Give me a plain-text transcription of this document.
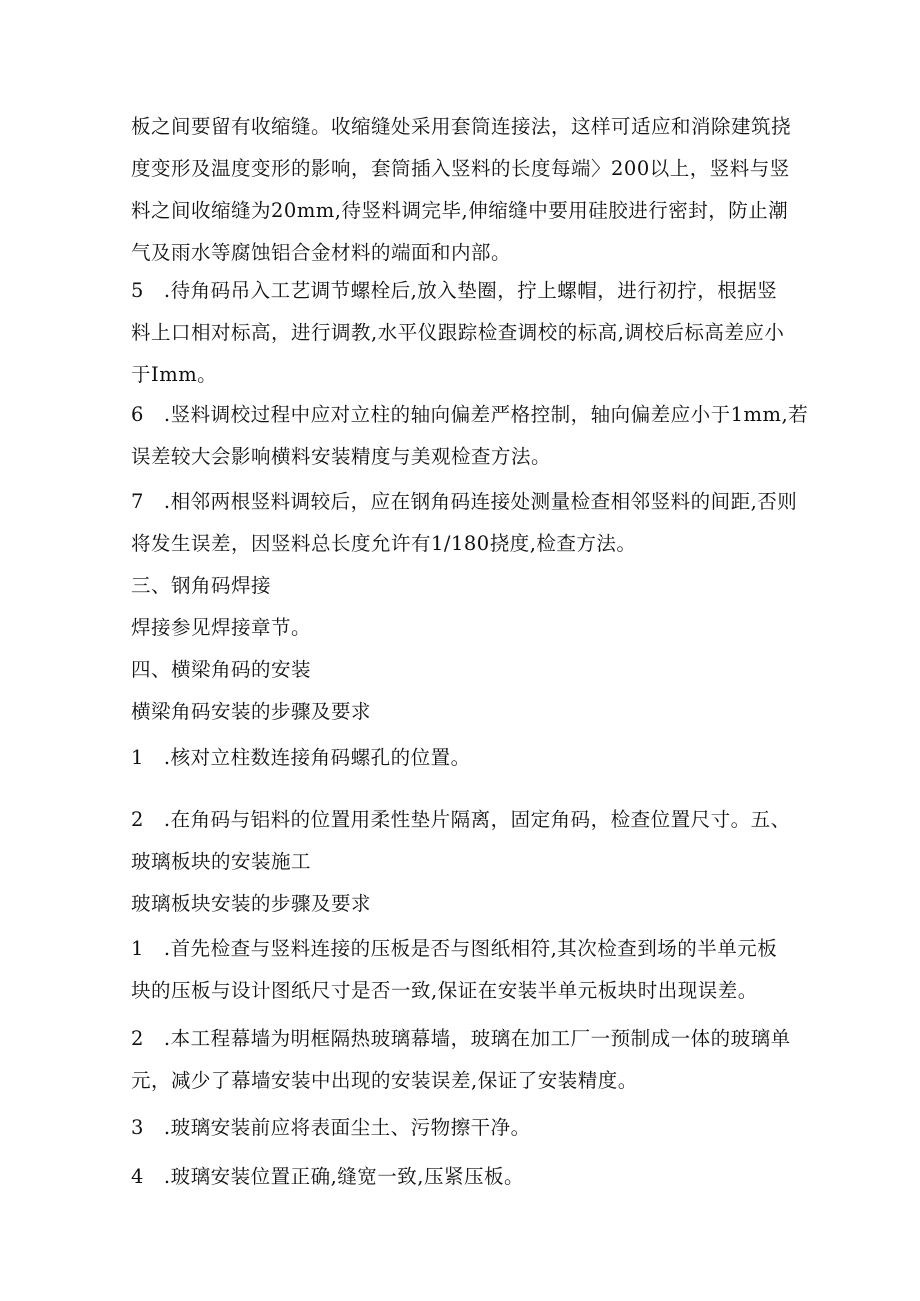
板之间要留有收缩缝。收缩缝处采用套筒连接法，这样可适应和消除建筑挠
度变形及温度变形的影响，套筒插入竖料的长度每端〉200以上，竖料与竖
料之间收缩缝为20mm,待竖料调完毕,伸缩缝中要用硅胶进行密封，防止潮
气及雨水等腐蚀铝合金材料的端面和内部。
5　.待角码吊入工艺调节螺栓后,放入垫圈，拧上螺帽，进行初拧，根据竖
料上口相对标高，进行调教,水平仪跟踪检查调校的标高,调校后标高差应小
于Imm。
6　.竖料调校过程中应对立柱的轴向偏差严格控制，轴向偏差应小于1mm,若
误差较大会影响横料安装精度与美观检查方法。
7　.相邻两根竖料调较后，应在钢角码连接处测量检查相邻竖料的间距,否则
将发生误差，因竖料总长度允许有1/180挠度,检查方法。
三、钢角码焊接
焊接参见焊接章节。
四、横梁角码的安装
横梁角码安装的步骤及要求
1　.核对立柱数连接角码螺孔的位置。
2　.在角码与铝料的位置用柔性垫片隔离，固定角码，检查位置尺寸。五、
玻璃板块的安装施工
玻璃板块安装的步骤及要求
1　.首先检查与竖料连接的压板是否与图纸相符,其次检查到场的半单元板
块的压板与设计图纸尺寸是否一致,保证在安装半单元板块时出现误差。
2　.本工程幕墙为明框隔热玻璃幕墙，玻璃在加工厂一预制成一体的玻璃单
元，减少了幕墙安装中出现的安装误差,保证了安装精度。
3　.玻璃安装前应将表面尘土、污物擦干净。
4　.玻璃安装位置正确,缝宽一致,压紧压板。
